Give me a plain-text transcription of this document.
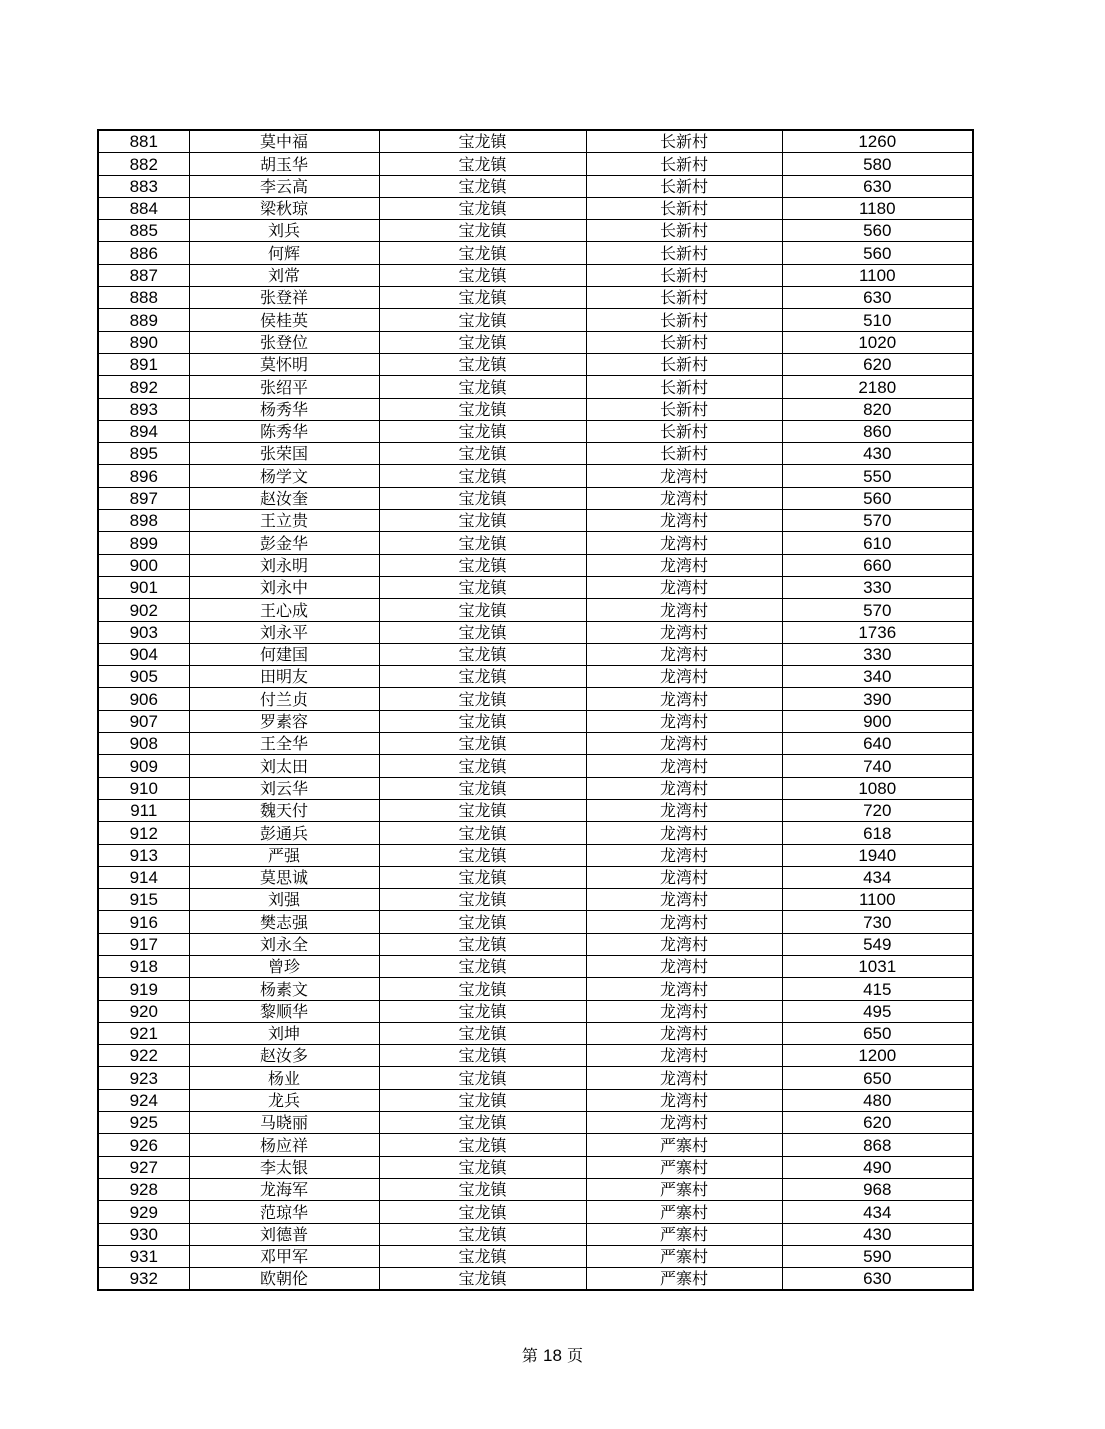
881	莫中福	宝龙镇	长新村	1260
882	胡玉华	宝龙镇	长新村	580
883	李云高	宝龙镇	长新村	630
884	梁秋琼	宝龙镇	长新村	1180
885	刘兵	宝龙镇	长新村	560
886	何辉	宝龙镇	长新村	560
887	刘常	宝龙镇	长新村	1100
888	张登祥	宝龙镇	长新村	630
889	侯桂英	宝龙镇	长新村	510
890	张登位	宝龙镇	长新村	1020
891	莫怀明	宝龙镇	长新村	620
892	张绍平	宝龙镇	长新村	2180
893	杨秀华	宝龙镇	长新村	820
894	陈秀华	宝龙镇	长新村	860
895	张荣国	宝龙镇	长新村	430
896	杨学文	宝龙镇	龙湾村	550
897	赵汝奎	宝龙镇	龙湾村	560
898	王立贵	宝龙镇	龙湾村	570
899	彭金华	宝龙镇	龙湾村	610
900	刘永明	宝龙镇	龙湾村	660
901	刘永中	宝龙镇	龙湾村	330
902	王心成	宝龙镇	龙湾村	570
903	刘永平	宝龙镇	龙湾村	1736
904	何建国	宝龙镇	龙湾村	330
905	田明友	宝龙镇	龙湾村	340
906	付兰贞	宝龙镇	龙湾村	390
907	罗素容	宝龙镇	龙湾村	900
908	王全华	宝龙镇	龙湾村	640
909	刘太田	宝龙镇	龙湾村	740
910	刘云华	宝龙镇	龙湾村	1080
911	魏天付	宝龙镇	龙湾村	720
912	彭通兵	宝龙镇	龙湾村	618
913	严强	宝龙镇	龙湾村	1940
914	莫思诚	宝龙镇	龙湾村	434
915	刘强	宝龙镇	龙湾村	1100
916	樊志强	宝龙镇	龙湾村	730
917	刘永全	宝龙镇	龙湾村	549
918	曾珍	宝龙镇	龙湾村	1031
919	杨素文	宝龙镇	龙湾村	415
920	黎顺华	宝龙镇	龙湾村	495
921	刘坤	宝龙镇	龙湾村	650
922	赵汝多	宝龙镇	龙湾村	1200
923	杨业	宝龙镇	龙湾村	650
924	龙兵	宝龙镇	龙湾村	480
925	马晓丽	宝龙镇	龙湾村	620
926	杨应祥	宝龙镇	严寨村	868
927	李太银	宝龙镇	严寨村	490
928	龙海军	宝龙镇	严寨村	968
929	范琼华	宝龙镇	严寨村	434
930	刘德普	宝龙镇	严寨村	430
931	邓甲军	宝龙镇	严寨村	590
932	欧朝伦	宝龙镇	严寨村	630
第 18 页
